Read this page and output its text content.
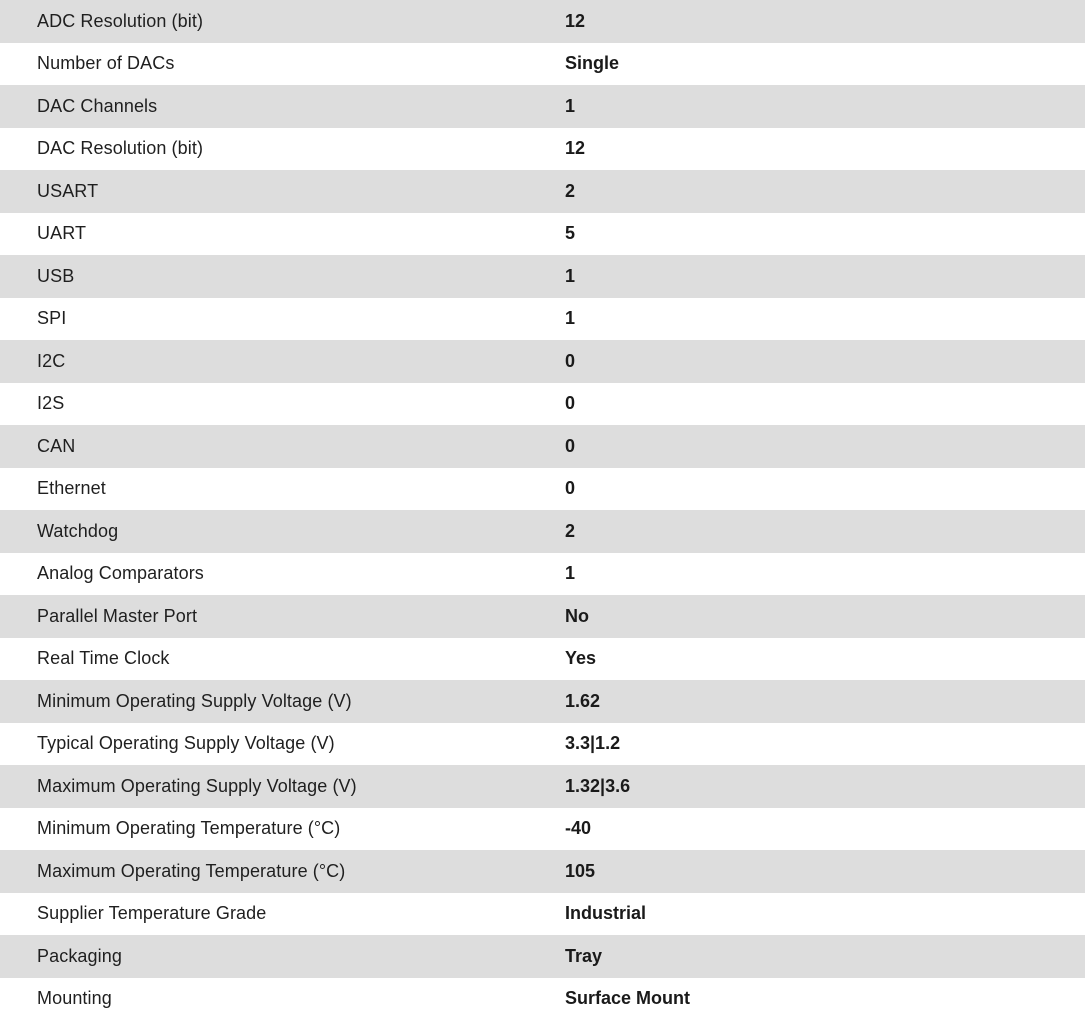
ADC Resolution (bit)	12
Number of DACs	Single
DAC Channels	1
DAC Resolution (bit)	12
USART	2
UART	5
USB	1
SPI	1
I2C	0
I2S	0
CAN	0
Ethernet	0
Watchdog	2
Analog Comparators	1
Parallel Master Port	No
Real Time Clock	Yes
Minimum Operating Supply Voltage (V)	1.62
Typical Operating Supply Voltage (V)	3.3|1.2
Maximum Operating Supply Voltage (V)	1.32|3.6
Minimum Operating Temperature (°C)	-40
Maximum Operating Temperature (°C)	105
Supplier Temperature Grade	Industrial
Packaging	Tray
Mounting	Surface Mount
